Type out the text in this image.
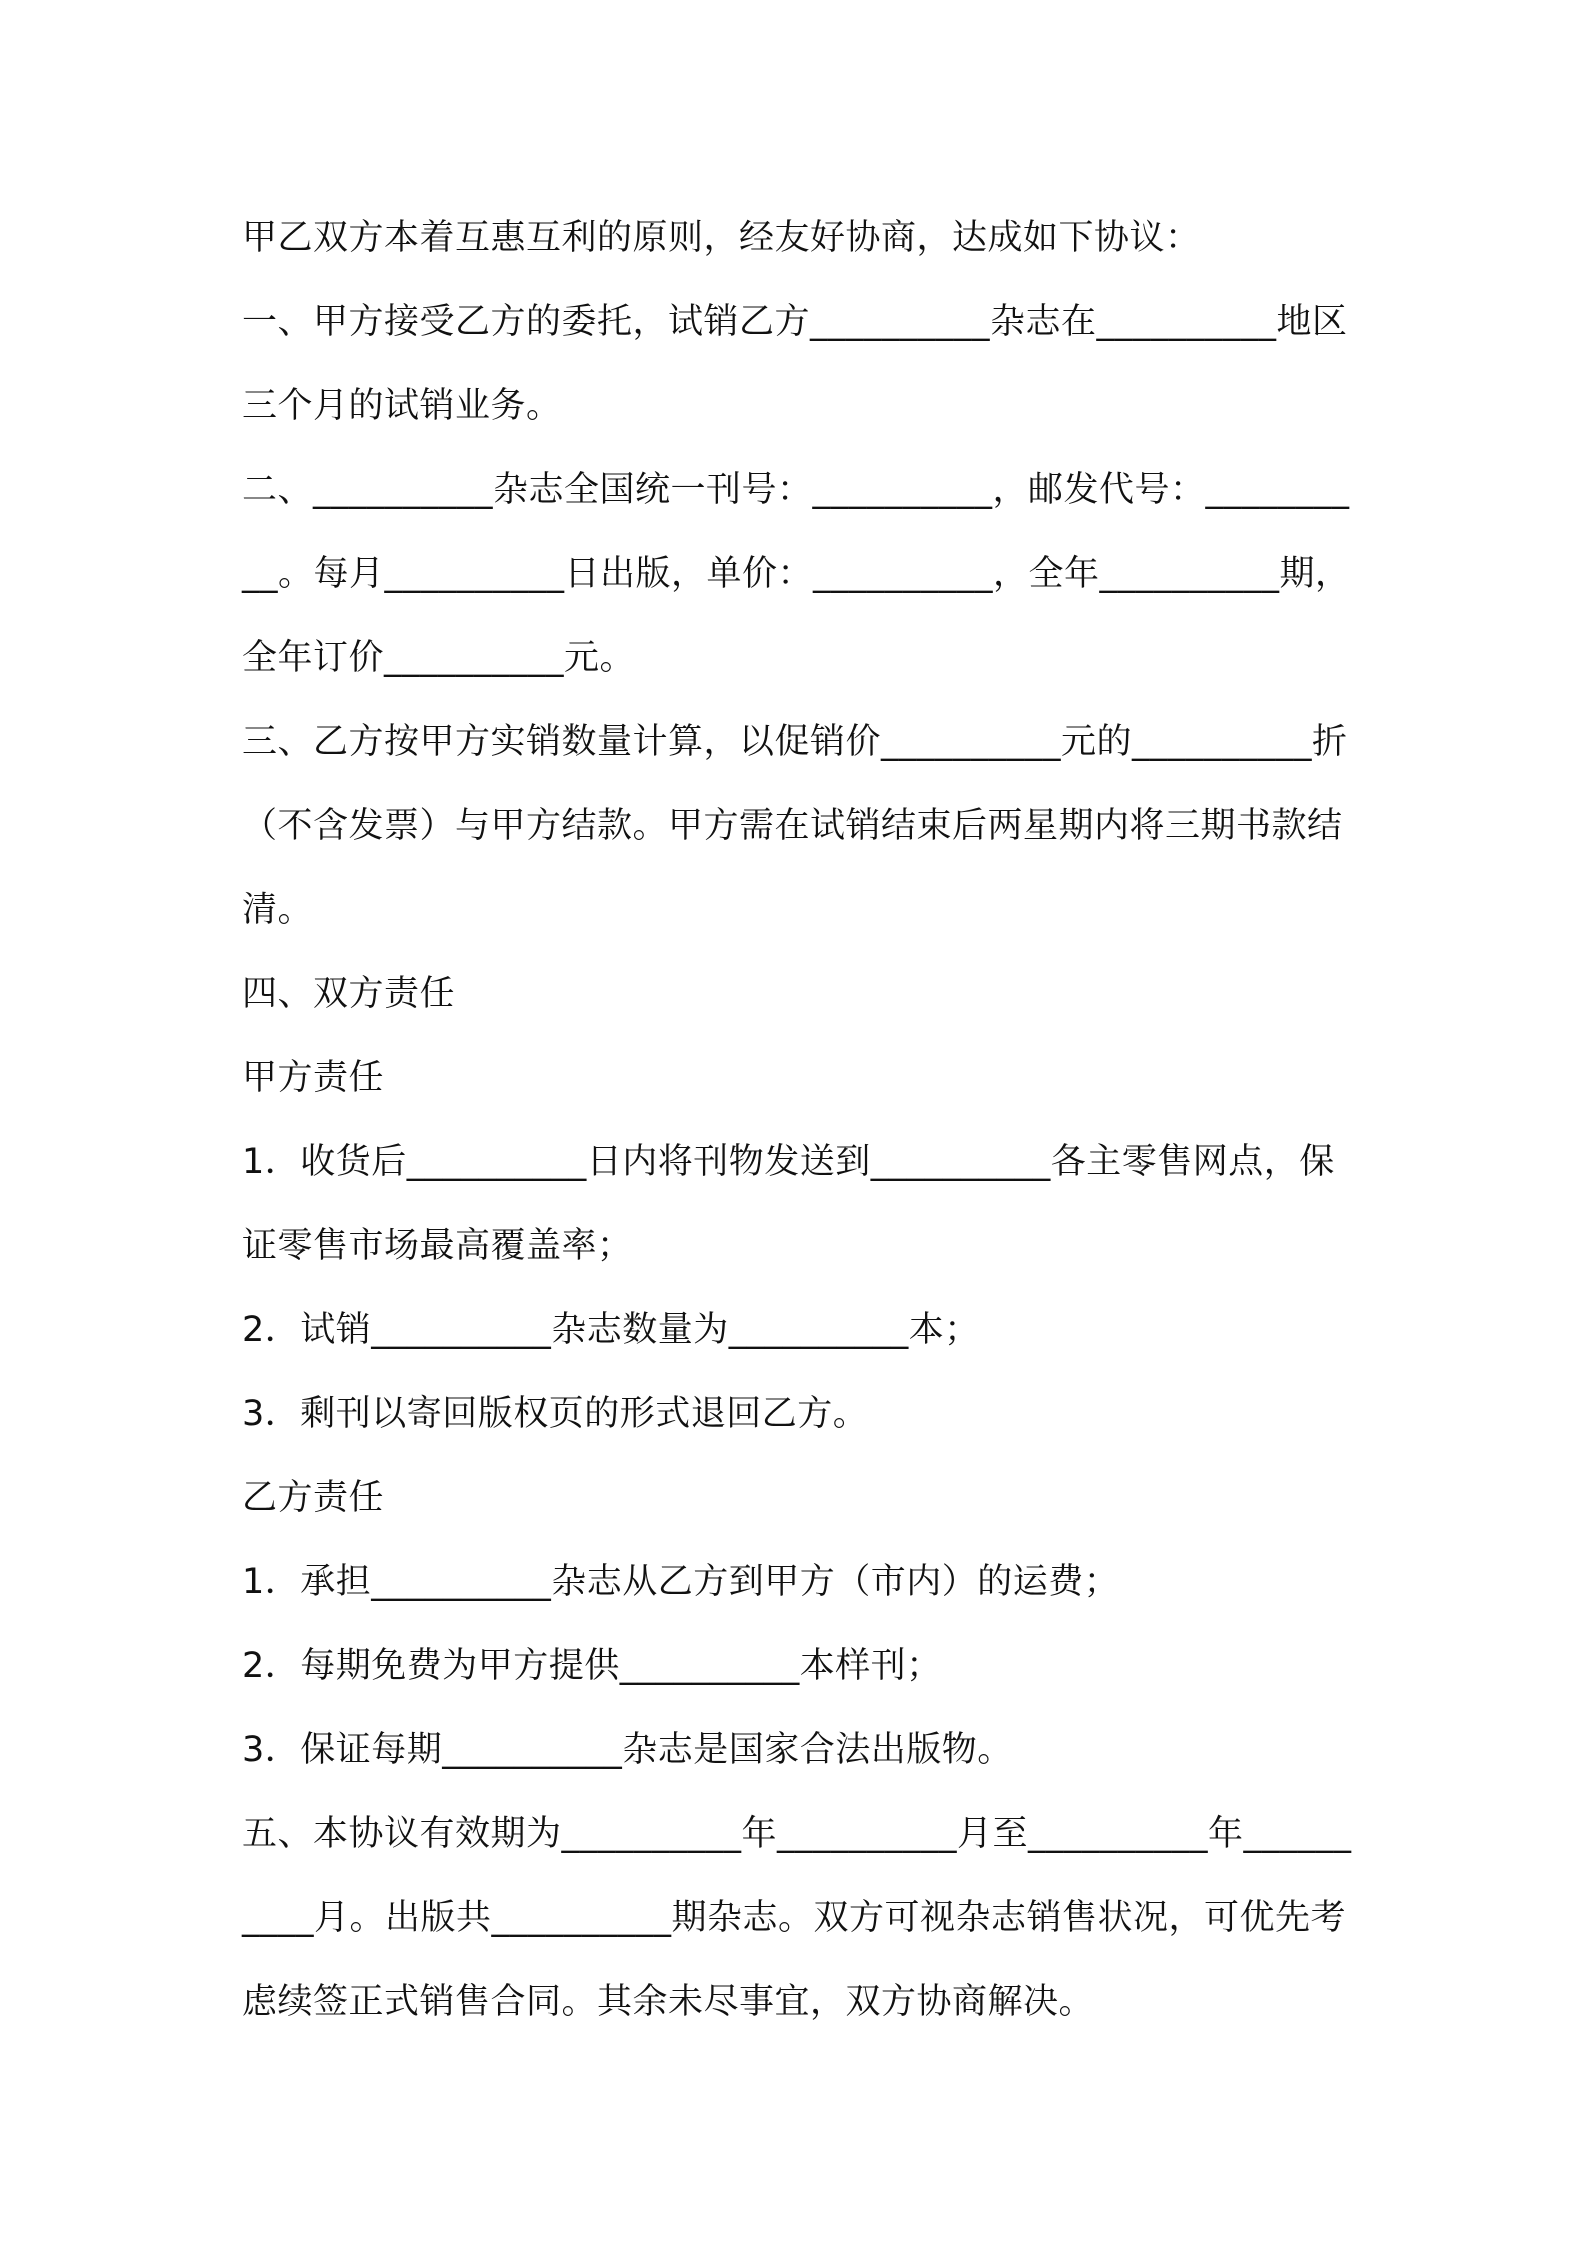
甲乙双方本着互惠互利的原则，经友好协商，达成如下协议：

一、甲方接受乙方的委托，试销乙方__________杂志在__________地区三个月的试销业务。

二、__________杂志全国统一刊号：__________，邮发代号：__________。每月__________日出版，单价：__________，全年__________期，全年订价__________元。

三、乙方按甲方实销数量计算，以促销价__________元的__________折（不含发票）与甲方结款。甲方需在试销结束后两星期内将三期书款结清。

四、双方责任

甲方责任

1．收货后__________日内将刊物发送到__________各主零售网点，保证零售市场最高覆盖率；

2．试销__________杂志数量为__________本；

3．剩刊以寄回版权页的形式退回乙方。

乙方责任

1．承担__________杂志从乙方到甲方（市内）的运费；

2．每期免费为甲方提供__________本样刊；

3．保证每期__________杂志是国家合法出版物。

五、本协议有效期为__________年__________月至__________年__________月。出版共__________期杂志。双方可视杂志销售状况，可优先考虑续签正式销售合同。其余未尽事宜，双方协商解决。
